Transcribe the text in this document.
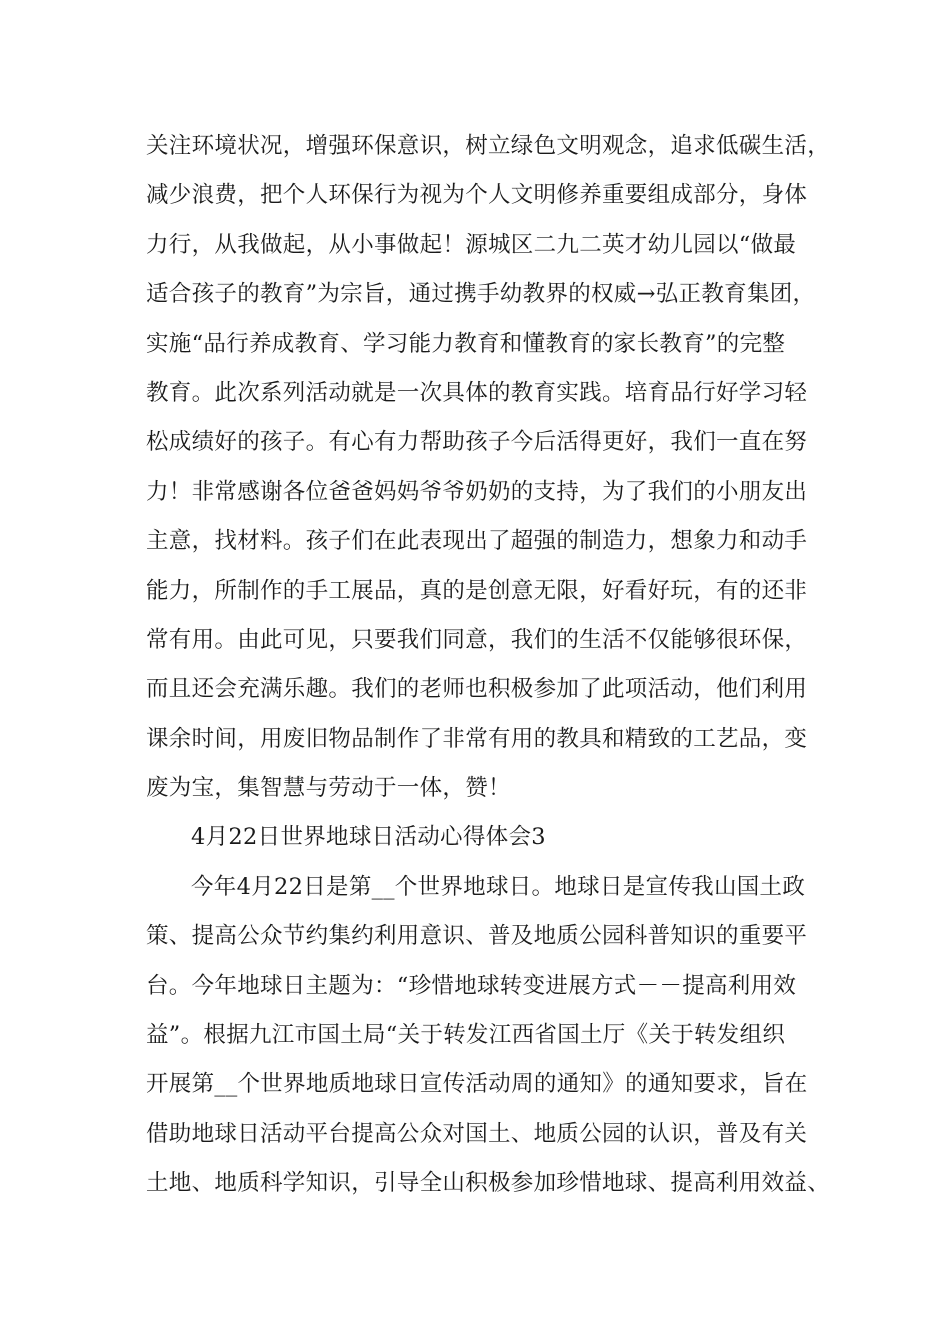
关注环境状况，增强环保意识，树立绿色文明观念，追求低碳生活，
减少浪费，把个人环保行为视为个人文明修养重要组成部分，身体
力行，从我做起，从小事做起！源城区二九二英才幼儿园以“做最
适合孩子的教育”为宗旨，通过携手幼教界的权威→弘正教育集团，
实施“品行养成教育、学习能力教育和懂教育的家长教育”的完整
教育。此次系列活动就是一次具体的教育实践。培育品行好学习轻
松成绩好的孩子。有心有力帮助孩子今后活得更好，我们一直在努
力！非常感谢各位爸爸妈妈爷爷奶奶的支持，为了我们的小朋友出
主意，找材料。孩子们在此表现出了超强的制造力，想象力和动手
能力，所制作的手工展品，真的是创意无限，好看好玩，有的还非
常有用。由此可见，只要我们同意，我们的生活不仅能够很环保，
而且还会充满乐趣。我们的老师也积极参加了此项活动，他们利用
课余时间，用废旧物品制作了非常有用的教具和精致的工艺品，变
废为宝，集智慧与劳动于一体，赞！
4月22日世界地球日活动心得体会3
今年4月22日是第__个世界地球日。地球日是宣传我山国土政
策、提高公众节约集约利用意识、普及地质公园科普知识的重要平
台。今年地球日主题为：“珍惜地球转变进展方式－－提高利用效
益”。根据九江市国土局“关于转发江西省国土厅《关于转发组织
开展第__个世界地质地球日宣传活动周的通知》的通知要求，旨在
借助地球日活动平台提高公众对国土、地质公园的认识，普及有关
土地、地质科学知识，引导全山积极参加珍惜地球、提高利用效益、
